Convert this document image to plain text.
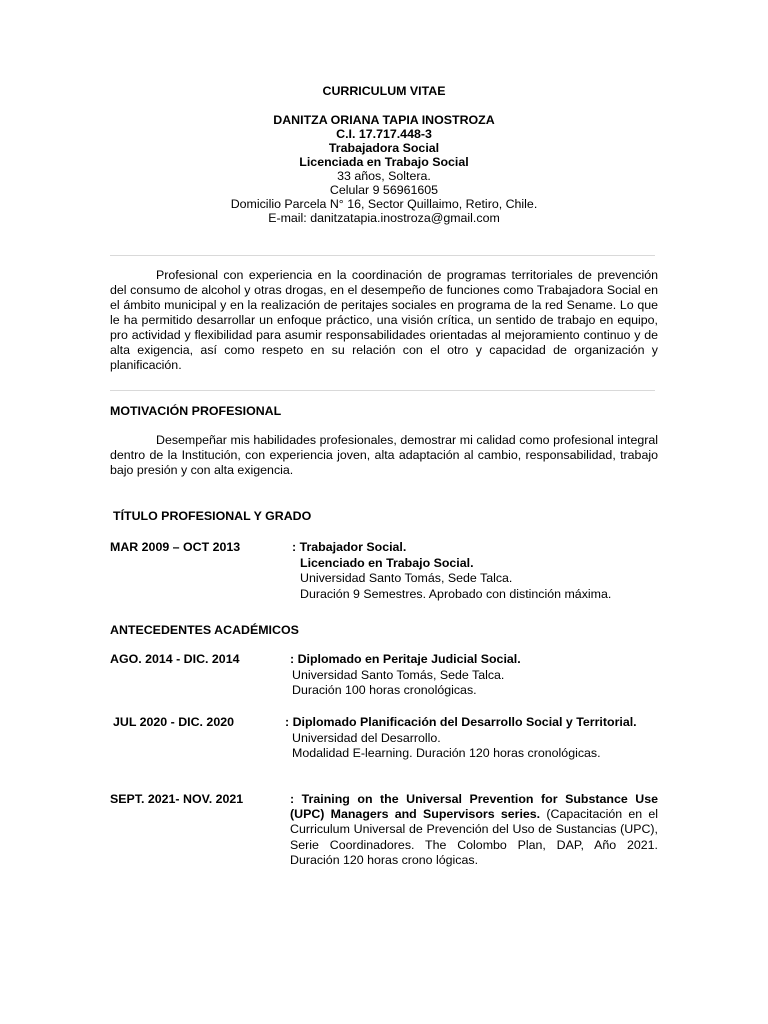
CURRICULUM VITAE
DANITZA ORIANA TAPIA INOSTROZA
C.I. 17.717.448-3
Trabajadora Social
Licenciada en Trabajo Social
33 años, Soltera.
Celular 9 56961605
Domicilio Parcela N° 16, Sector Quillaimo, Retiro, Chile.
E-mail: danitzatapia.inostroza@gmail.com
Profesional con experiencia en la coordinación de programas territoriales de prevención del consumo de alcohol y otras drogas, en el desempeño de funciones como Trabajadora Social en el ámbito municipal y en la realización de peritajes sociales en programa de la red Sename. Lo que le ha permitido desarrollar un enfoque práctico, una visión crítica, un sentido de trabajo en equipo, pro actividad y flexibilidad para asumir responsabilidades orientadas al mejoramiento continuo y de alta exigencia, así como respeto en su relación con el otro y capacidad de organización y planificación.
MOTIVACIÓN PROFESIONAL
Desempeñar mis habilidades profesionales, demostrar mi calidad como profesional integral dentro de la Institución, con experiencia joven, alta adaptación al cambio, responsabilidad, trabajo bajo presión y con alta exigencia.
TÍTULO PROFESIONAL Y GRADO
MAR 2009 – OCT 2013	: Trabajador Social.
Licenciado en Trabajo Social.
Universidad Santo Tomás, Sede Talca.
Duración 9 Semestres. Aprobado con distinción máxima.
ANTECEDENTES ACADÉMICOS
AGO. 2014 - DIC. 2014	: Diplomado en Peritaje Judicial Social.
Universidad Santo Tomás, Sede Talca.
Duración 100 horas cronológicas.
JUL 2020 - DIC. 2020	: Diplomado Planificación del Desarrollo Social y Territorial.
Universidad del Desarrollo.
Modalidad E-learning. Duración 120 horas cronológicas.
SEPT. 2021- NOV. 2021	: Training on the Universal Prevention for Substance Use (UPC) Managers and Supervisors series. (Capacitación en el Curriculum Universal de Prevención del Uso de Sustancias (UPC), Serie Coordinadores. The Colombo Plan, DAP, Año 2021. Duración 120 horas crono lógicas.
